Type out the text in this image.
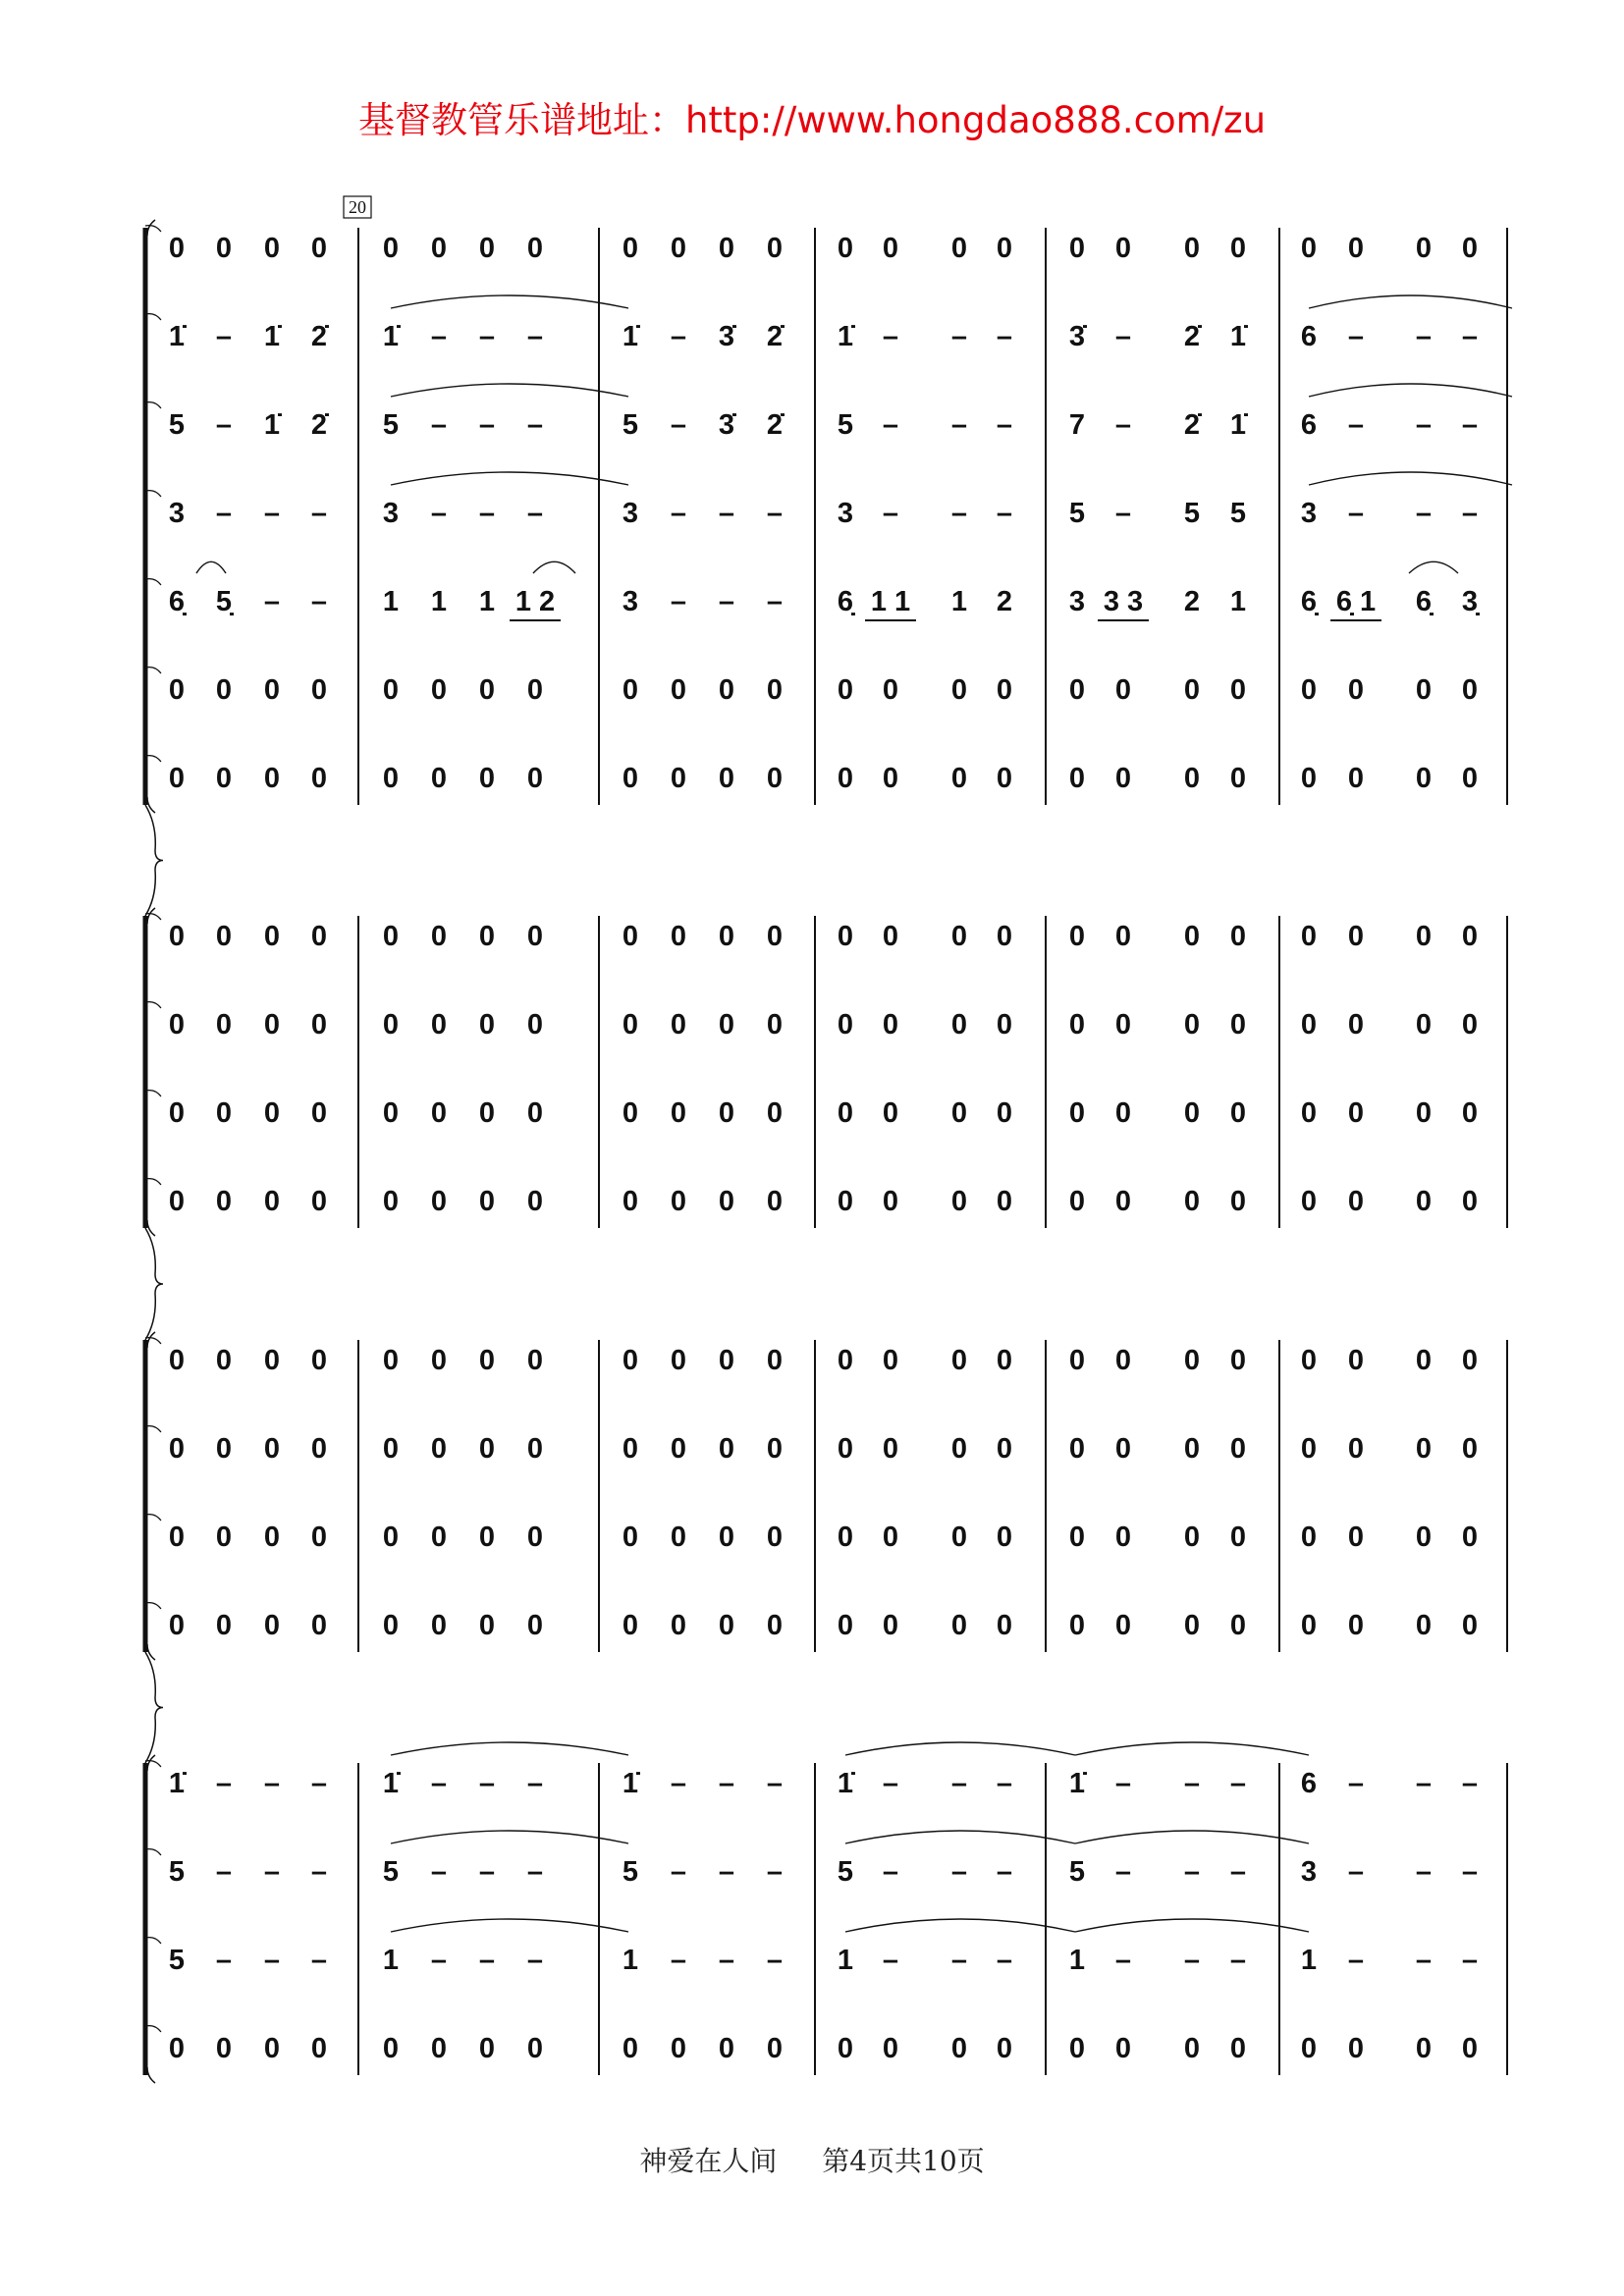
基督教管乐谱地址：http://www.hongdao888.com/zu
0 0 0 0 0 0 0 0	0 0 0 0 0 0 0 0 0 0 0 0 0 0 0 0
1̇ – 1̇ 2̇ 1̇ – – –	1̇ – 3̇ 2̇ 1̇ – – – 3̇ – 2̇ 1̇ 6 – – –
5 – 1̇ 2̇ 5 – – –	5 – 3̇ 2̇ 5 – – – 7 – 2̇ 1̇ 6 – – –
3 – – – 3 – – –	3 – – – 3 – – – 5 – 5 5 3 – – –
6̣ 5̣ – – 1 1 1 1 2 3 – – – 6̣ 1 1 1 2 3 3 3 2 1 6̣ 6̣ 1 6̣ 3̣
0 0 0 0 0 0 0 0	0 0 0 0 0 0 0 0 0 0 0 0 0 0 0 0
0 0 0 0 0 0 0 0	0 0 0 0 0 0 0 0 0 0 0 0 0 0 0 0
0 0 0 0 0 0 0 0	0 0 0 0 0 0 0 0 0 0 0 0 0 0 0 0
0 0 0 0 0 0 0 0	0 0 0 0 0 0 0 0 0 0 0 0 0 0 0 0
0 0 0 0 0 0 0 0	0 0 0 0 0 0 0 0 0 0 0 0 0 0 0 0
0 0 0 0 0 0 0 0	0 0 0 0 0 0 0 0 0 0 0 0 0 0 0 0
0 0 0 0 0 0 0 0	0 0 0 0 0 0 0 0 0 0 0 0 0 0 0 0
0 0 0 0 0 0 0 0	0 0 0 0 0 0 0 0 0 0 0 0 0 0 0 0
0 0 0 0 0 0 0 0	0 0 0 0 0 0 0 0 0 0 0 0 0 0 0 0
0 0 0 0 0 0 0 0	0 0 0 0 0 0 0 0 0 0 0 0 0 0 0 0
1̇ – – – 1̇ – – –	1̇ – – – 1̇ – – – 1̇ – – – 6 – – –
5 – – – 5 – – –	5 – – – 5 – – – 5 – – – 3 – – –
5 – – – 1 – – –	1 – – – 1 – – – 1 – – – 1 – – –
0 0 0 0 0 0 0 0	0 0 0 0 0 0 0 0 0 0 0 0 0 0 0 0
20
神爱在人间 第4页共10页
